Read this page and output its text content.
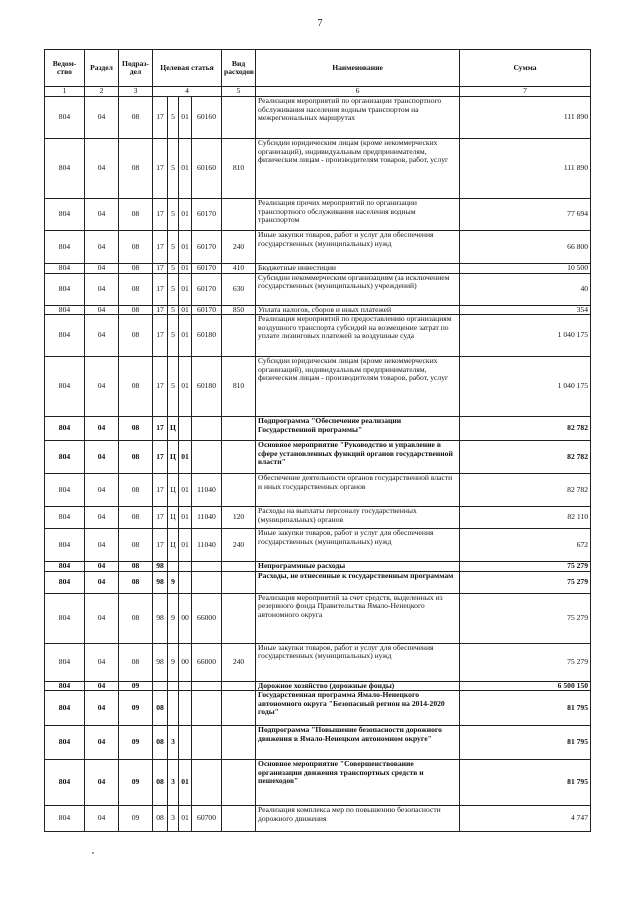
7
Ведом-ство	Раздел	Подраз-дел	Целевая статья				Вид расходов	Наименование	Сумма
1	2	3	4				5	6	7
804	04	08	17	5	01	60160		Реализация мероприятий по организации транспортного обслуживания населения водным транспортом на межрегиональных маршрутах	111 890
804	04	08	17	5	01	60160	810	Субсидии юридическим лицам (кроме некоммерческих организаций), индивидуальным предпринимателям, физическим лицам - производителям товаров, работ, услуг	111 890
804	04	08	17	5	01	60170		Реализация прочих мероприятий по организации транспортного обслуживания населения водным транспортом	77 694
804	04	08	17	5	01	60170	240	Иные закупки товаров, работ и услуг для обеспечения государственных (муниципальных) нужд	66 800
804	04	08	17	5	01	60170	410	Бюджетные инвестиции	10 500
804	04	08	17	5	01	60170	630	Субсидии некоммерческим организациям (за исключением государственных (муниципальных) учреждений)	40
804	04	08	17	5	01	60170	850	Уплата налогов, сборов и иных платежей	354
804	04	08	17	5	01	60180		Реализация мероприятий по предоставлению организациям воздушного транспорта субсидий на возмещение затрат по уплате лизинговых платежей за воздушные суда	1 040 175
804	04	08	17	5	01	60180	810	Субсидии юридическим лицам (кроме некоммерческих организаций), индивидуальным предпринимателям, физическим лицам - производителям товаров, работ, услуг	1 040 175
804	04	08	17	Ц				Подпрограмма "Обеспечение реализации Государственной программы"	82 782
804	04	08	17	Ц	01			Основное мероприятие "Руководство и управление в сфере установленных функций органов государственной власти"	82 782
804	04	08	17	Ц	01	11040		Обеспечение деятельности органов государственной власти и иных государственных органов	82 782
804	04	08	17	Ц	01	11040	120	Расходы на выплаты персоналу государственных (муниципальных) органов	82 110
804	04	08	17	Ц	01	11040	240	Иные закупки товаров, работ и услуг для обеспечения государственных (муниципальных) нужд	672
804	04	08	98					Непрограммные расходы	75 279
804	04	08	98	9				Расходы, не отнесенные к государственным программам	75 279
804	04	08	98	9	00	66000		Реализация мероприятий за счет средств, выделенных из резервного фонда Правительства Ямало-Ненецкого автономного округа	75 279
804	04	08	98	9	00	66000	240	Иные закупки товаров, работ и услуг для обеспечения государственных (муниципальных) нужд	75 279
804	04	09						Дорожное хозяйство (дорожные фонды)	6 500 150
804	04	09	08					Государственная программа Ямало-Ненецкого автономного округа "Безопасный регион на 2014-2020 годы"	81 795
804	04	09	08	3				Подпрограмма "Повышение безопасности дорожного движения в Ямало-Ненецком автономном округе"	81 795
804	04	09	08	3	01			Основное мероприятие "Совершенствование организации движения транспортных средств и пешеходов"	81 795
804	04	09	08	3	01	60700		Реализация комплекса мер по повышению безопасности дорожного движения	4 747
